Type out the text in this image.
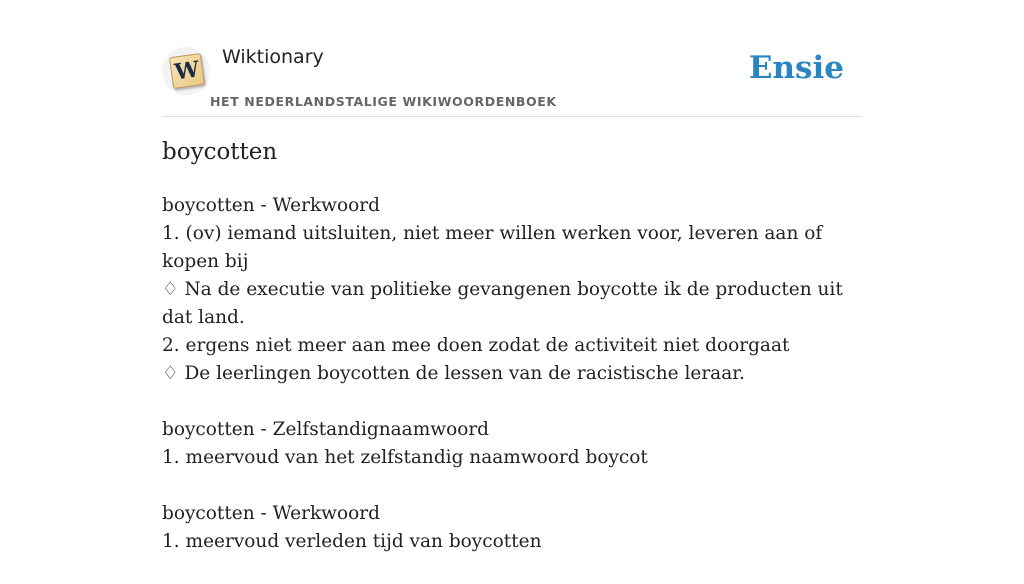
W Wiktionary
HET NEDERLANDSTALIGE WIKIWOORDENBOEK
Ensie
boycotten
boycotten - Werkwoord
1. (ov) iemand uitsluiten, niet meer willen werken voor, leveren aan of kopen bij
♢ Na de executie van politieke gevangenen boycotte ik de producten uit dat land.
2. ergens niet meer aan mee doen zodat de activiteit niet doorgaat
♢ De leerlingen boycotten de lessen van de racistische leraar.
boycotten - Zelfstandignaamwoord
1. meervoud van het zelfstandig naamwoord boycot
boycotten - Werkwoord
1. meervoud verleden tijd van boycotten
